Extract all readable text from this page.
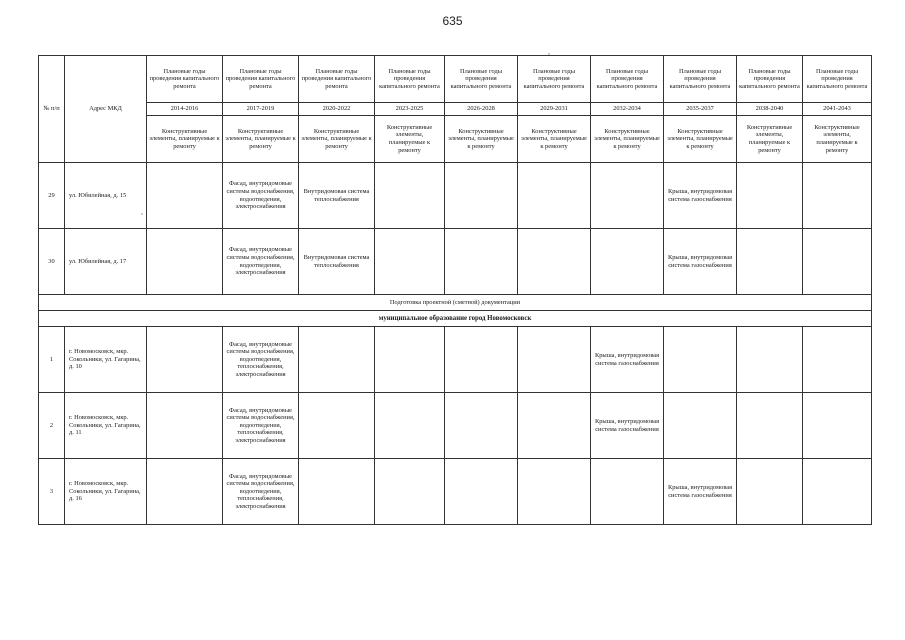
635
№ п/п	Адрес МКД	Плановые годы проведения капитального ремонта	Плановые годы проведения капитального ремонта	Плановые годы проведения капитального ремонта	Плановые годы проведения капитального ремонта	Плановые годы проведения капитального ремонта	Плановые годы проведения капитального ремонта	Плановые годы проведения капитального ремонта	Плановые годы проведения капитального ремонта	Плановые годы проведения капитального ремонта	Плановые годы проведения капитального ремонта
		2014-2016	2017-2019	2020-2022	2023-2025	2026-2028	2029-2031	2032-2034	2035-2037	2038-2040	2041-2043
		Конструктивные элементы, планируемые к ремонту	Конструктивные элементы, планируемые к ремонту	Конструктивные элементы, планируемые к ремонту	Конструктивные элементы, планируемые к ремонту	Конструктивные элементы, планируемые к ремонту	Конструктивные элементы, планируемые к ремонту	Конструктивные элементы, планируемые к ремонту	Конструктивные элементы, планируемые к ремонту	Конструктивные элементы, планируемые к ремонту	Конструктивные элементы, планируемые к ремонту
29	ул. Юбилейная, д. 15		Фасад, внутридомовые системы водоснабжения, водоотведения, электроснабжения	Внутридомовая система теплоснабжения					Крыша, внутридомовая система газоснабжения		
30	ул. Юбилейная, д. 17		Фасад, внутридомовые системы водоснабжения, водоотведения, электроснабжения	Внутридомовая система теплоснабжения					Крыша, внутридомовая система газоснабжения		
Подготовка проектной (сметной) документации											
муниципальное образование город Новомосковск											
1	г. Новомосковск, мкр. Сокольники, ул. Гагарина, д. 10		Фасад, внутридомовые системы водоснабжения, водоотведения, теплоснабжения, электроснабжения					Крыша, внутридомовая система газоснабжения			
2	г. Новомосковск, мкр. Сокольники, ул. Гагарина, д. 11		Фасад, внутридомовые системы водоснабжения, водоотведения, теплоснабжения, электроснабжения					Крыша, внутридомовая система газоснабжения			
3	г. Новомосковск, мкр. Сокольники, ул. Гагарина, д. 16		Фасад, внутридомовые системы водоснабжения, водоотведения, теплоснабжения, электроснабжения						Крыша, внутридомовая система газоснабжения		
